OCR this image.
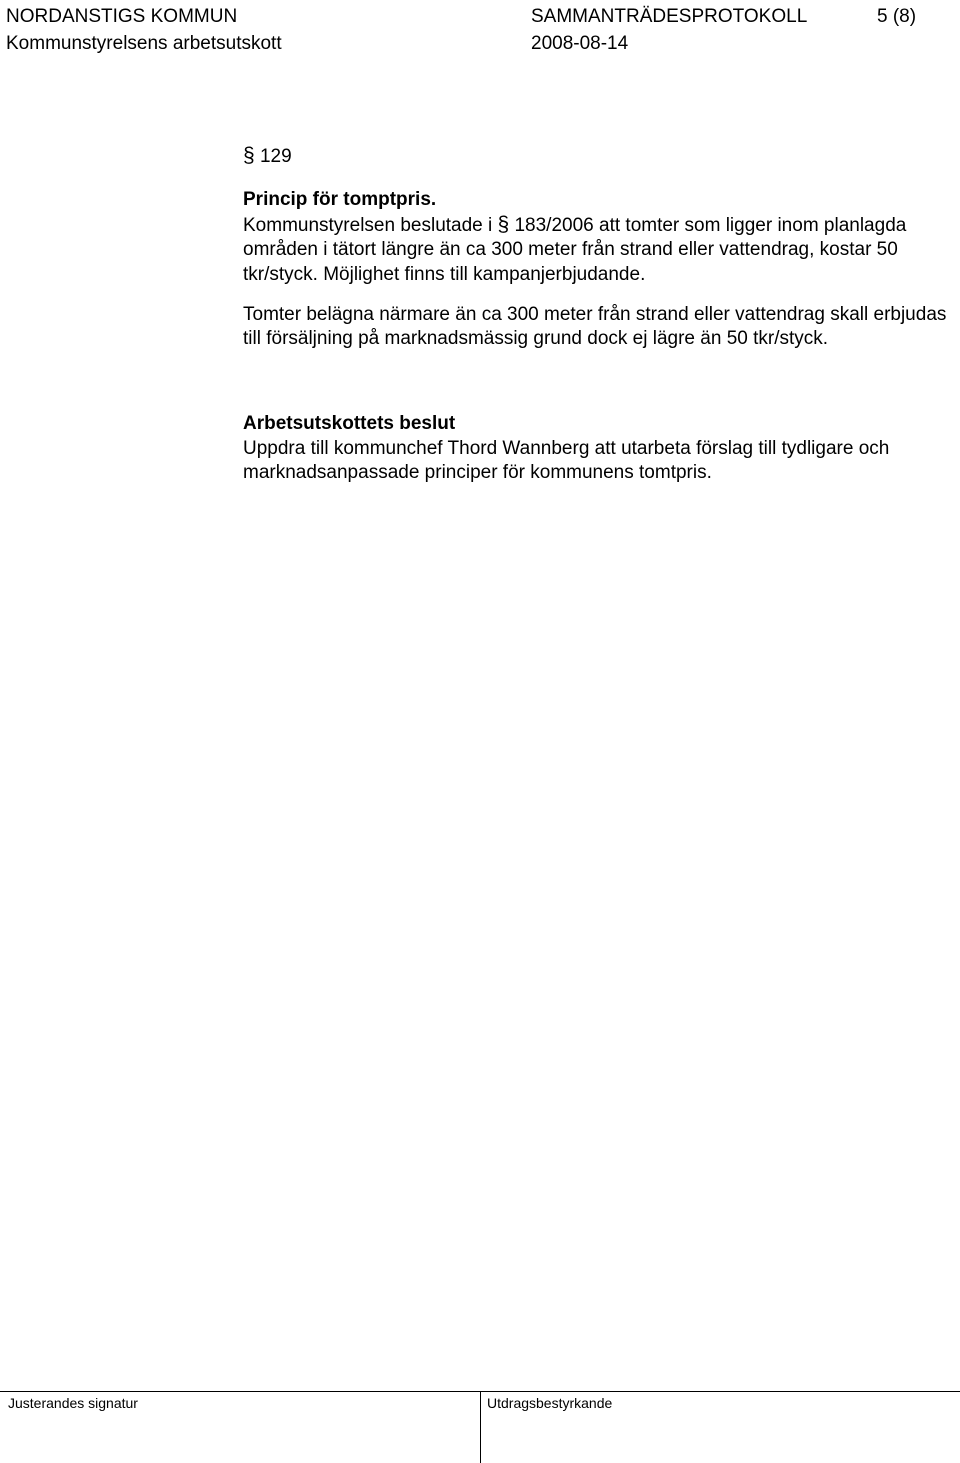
NORDANSTIGS KOMMUN
Kommunstyrelsens arbetsutskott
SAMMANTRÄDESPROTOKOLL
2008-08-14
5 (8)
§ 129
Princip för tomptpris.
Kommunstyrelsen beslutade i § 183/2006 att tomter som ligger inom planlagda områden i tätort längre än ca 300 meter från strand eller vattendrag, kostar 50 tkr/styck. Möjlighet finns till kampanjerbjudande.
Tomter belägna närmare än ca 300 meter från strand eller vattendrag skall erbjudas till försäljning på marknadsmässig grund dock ej lägre än 50 tkr/styck.
Arbetsutskottets beslut
Uppdra till kommunchef Thord Wannberg att utarbeta förslag till tydligare och marknadsanpassade principer för kommunens tomtpris.
Justerandes signatur	Utdragsbestyrkande
